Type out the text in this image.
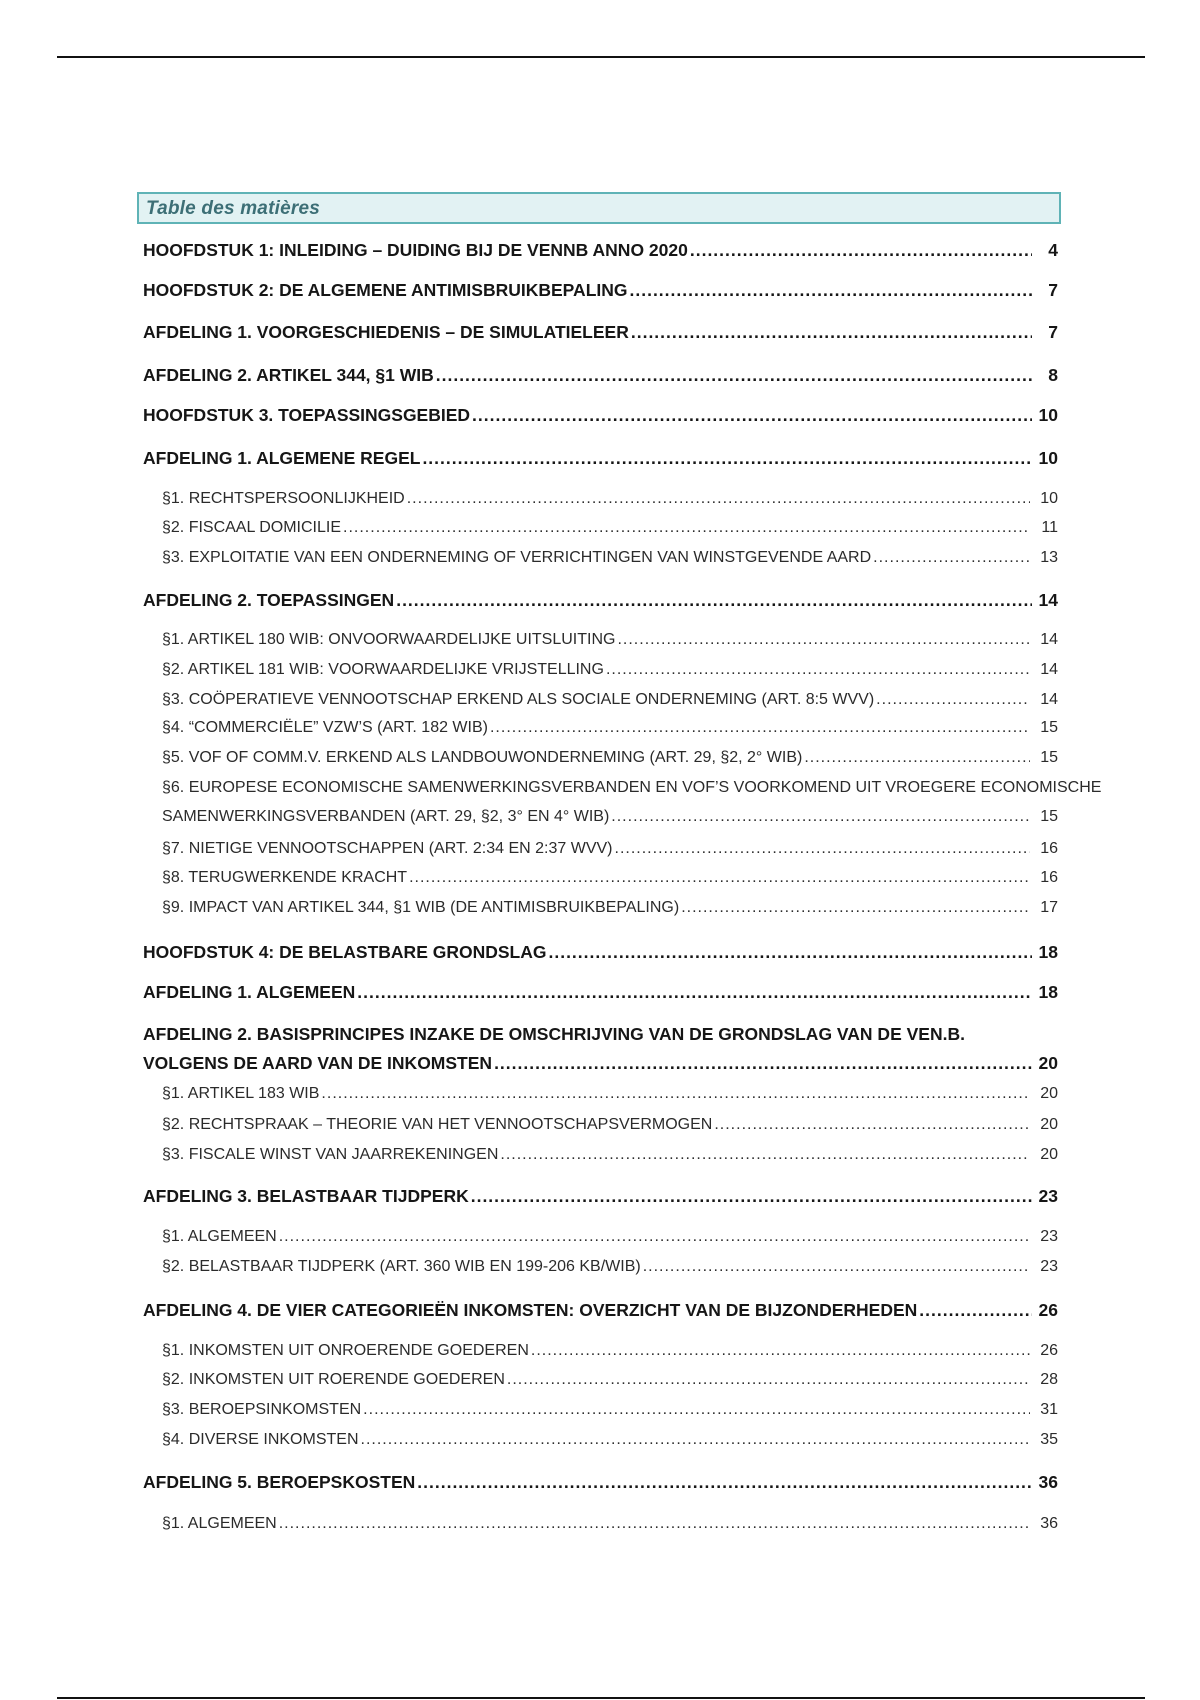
Table des matières
HOOFDSTUK 1: INLEIDING – DUIDING BIJ DE VENNB ANNO 2020 .....	4
HOOFDSTUK 2: DE ALGEMENE ANTIMISBRUIKBEPALING .....	7
AFDELING 1. VOORGESCHIEDENIS – DE SIMULATIELEER .....	7
AFDELING 2. ARTIKEL 344, §1 WIB .....	8
HOOFDSTUK 3. TOEPASSINGSGEBIED .....	10
AFDELING 1. ALGEMENE REGEL .....	10
§1. RECHTSPERSOONLIJKHEID .....	10
§2. FISCAAL DOMICILIE .....	11
§3. EXPLOITATIE VAN EEN ONDERNEMING OF VERRICHTINGEN VAN WINSTGEVENDE AARD .....	13
AFDELING 2. TOEPASSINGEN .....	14
§1. ARTIKEL 180 WIB: ONVOORWAARDELIJKE UITSLUITING .....	14
§2. ARTIKEL 181 WIB: VOORWAARDELIJKE VRIJSTELLING .....	14
§3. COÖPERATIEVE VENNOOTSCHAP ERKEND ALS SOCIALE ONDERNEMING (ART. 8:5 WVV) .....	14
§4. “COMMERCIËLE” VZW’S (ART. 182 WIB) .....	15
§5. VOF OF COMM.V. ERKEND ALS LANDBOUWONDERNEMING (ART. 29, §2, 2° WIB) .....	15
§6. EUROPESE ECONOMISCHE SAMENWERKINGSVERBANDEN EN VOF’S VOORKOMEND UIT VROEGERE ECONOMISCHE
SAMENWERKINGSVERBANDEN (ART. 29, §2, 3° EN 4° WIB) .....	15
§7. NIETIGE VENNOOTSCHAPPEN (ART. 2:34 EN 2:37 WVV) .....	16
§8. TERUGWERKENDE KRACHT .....	16
§9. IMPACT VAN ARTIKEL 344, §1 WIB (DE ANTIMISBRUIKBEPALING) .....	17
HOOFDSTUK 4: DE BELASTBARE GRONDSLAG .....	18
AFDELING 1. ALGEMEEN .....	18
AFDELING 2. BASISPRINCIPES INZAKE DE OMSCHRIJVING VAN DE GRONDSLAG VAN DE VEN.B.
VOLGENS DE AARD VAN DE INKOMSTEN .....	20
§1. ARTIKEL 183 WIB .....	20
§2. RECHTSPRAAK – THEORIE VAN HET VENNOOTSCHAPSVERMOGEN .....	20
§3. FISCALE WINST VAN JAARREKENINGEN .....	20
AFDELING 3. BELASTBAAR TIJDPERK .....	23
§1. ALGEMEEN .....	23
§2. BELASTBAAR TIJDPERK (ART. 360 WIB EN 199-206 KB/WIB) .....	23
AFDELING 4. DE VIER CATEGORIEËN INKOMSTEN: OVERZICHT VAN DE BIJZONDERHEDEN .....	26
§1. INKOMSTEN UIT ONROERENDE GOEDEREN .....	26
§2. INKOMSTEN UIT ROERENDE GOEDEREN .....	28
§3. BEROEPSINKOMSTEN .....	31
§4. DIVERSE INKOMSTEN .....	35
AFDELING 5. BEROEPSKOSTEN .....	36
§1. ALGEMEEN .....	36
